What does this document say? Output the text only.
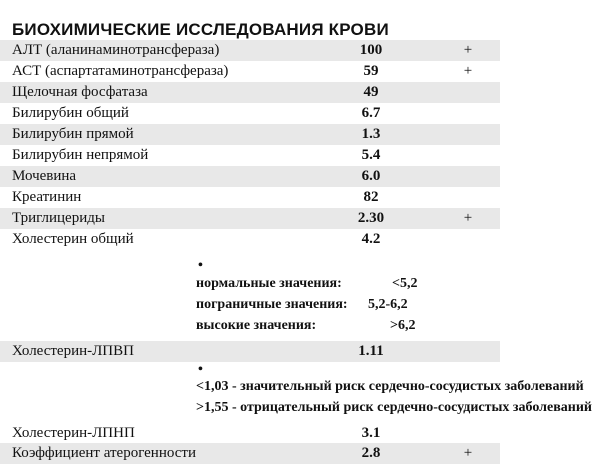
БИОХИМИЧЕСКИЕ ИССЛЕДОВАНИЯ КРОВИ
АЛТ (аланинаминотрансфераза)	100	+
АСТ (аспартатаминотрансфераза)	59	+
Щелочная фосфатаза	49
Билирубин общий	6.7
Билирубин прямой	1.3
Билирубин непрямой	5.4
Мочевина	6.0
Креатинин	82
Триглицериды	2.30	+
Холестерин общий	4.2
•
нормальные значения:	<5,2
пограничные значения: 5,2-6,2
высокие значения:	>6,2
Холестерин-ЛПВП	1.11
•
<1,03 - значительный риск сердечно-сосудистых заболеваний
>1,55 - отрицательный риск сердечно-сосудистых заболеваний
Холестерин-ЛПНП	3.1
Коэффициент атерогенности	2.8	+
